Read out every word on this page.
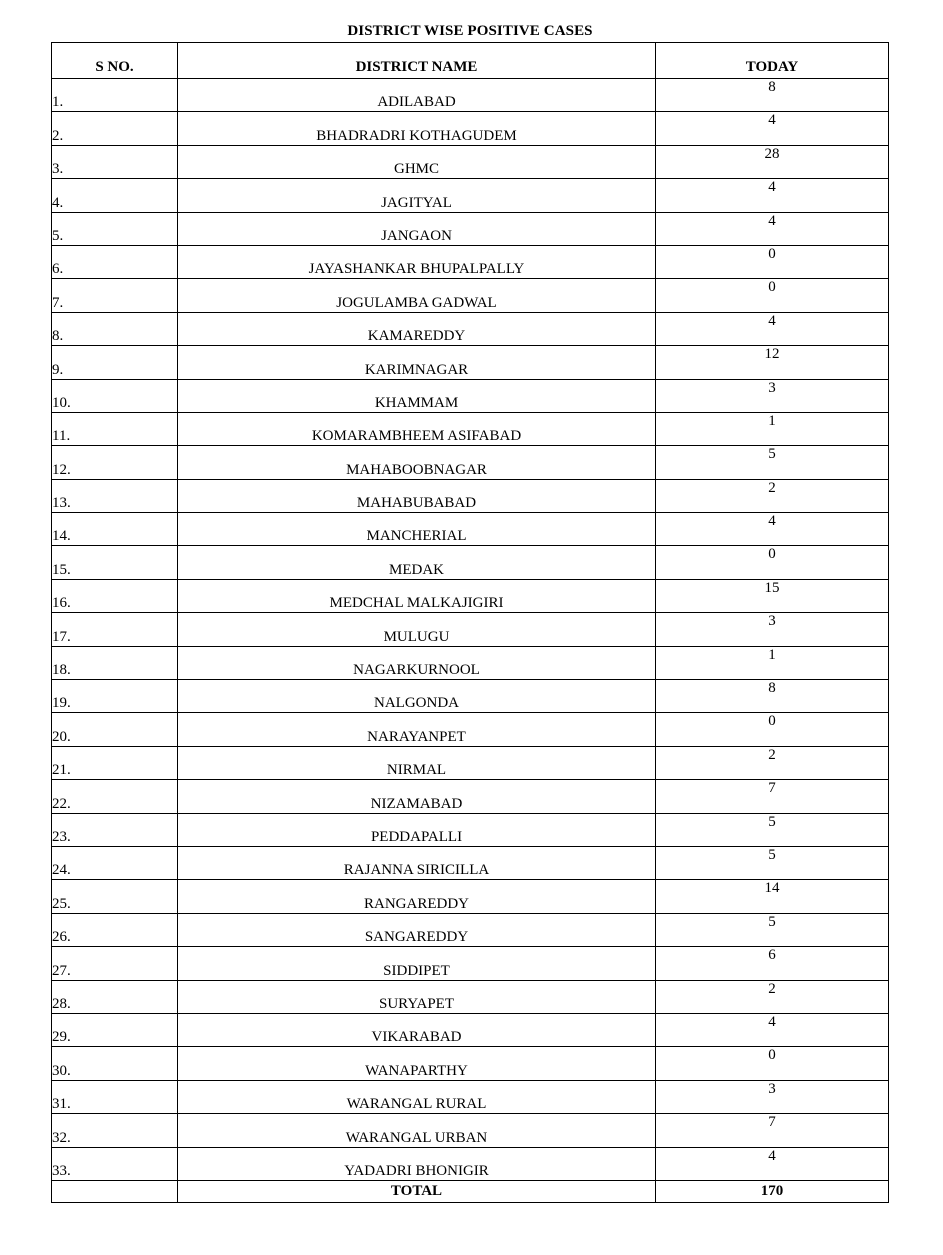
DISTRICT WISE POSITIVE CASES
S NO.	DISTRICT NAME	TODAY
1.	ADILABAD	8
2.	BHADRADRI KOTHAGUDEM	4
3.	GHMC	28
4.	JAGITYAL	4
5.	JANGAON	4
6.	JAYASHANKAR BHUPALPALLY	0
7.	JOGULAMBA GADWAL	0
8.	KAMAREDDY	4
9.	KARIMNAGAR	12
10.	KHAMMAM	3
11.	KOMARAMBHEEM ASIFABAD	1
12.	MAHABOOBNAGAR	5
13.	MAHABUBABAD	2
14.	MANCHERIAL	4
15.	MEDAK	0
16.	MEDCHAL MALKAJIGIRI	15
17.	MULUGU	3
18.	NAGARKURNOOL	1
19.	NALGONDA	8
20.	NARAYANPET	0
21.	NIRMAL	2
22.	NIZAMABAD	7
23.	PEDDAPALLI	5
24.	RAJANNA SIRICILLA	5
25.	RANGAREDDY	14
26.	SANGAREDDY	5
27.	SIDDIPET	6
28.	SURYAPET	2
29.	VIKARABAD	4
30.	WANAPARTHY	0
31.	WARANGAL RURAL	3
32.	WARANGAL URBAN	7
33.	YADADRI BHONIGIR	4
	TOTAL	170
